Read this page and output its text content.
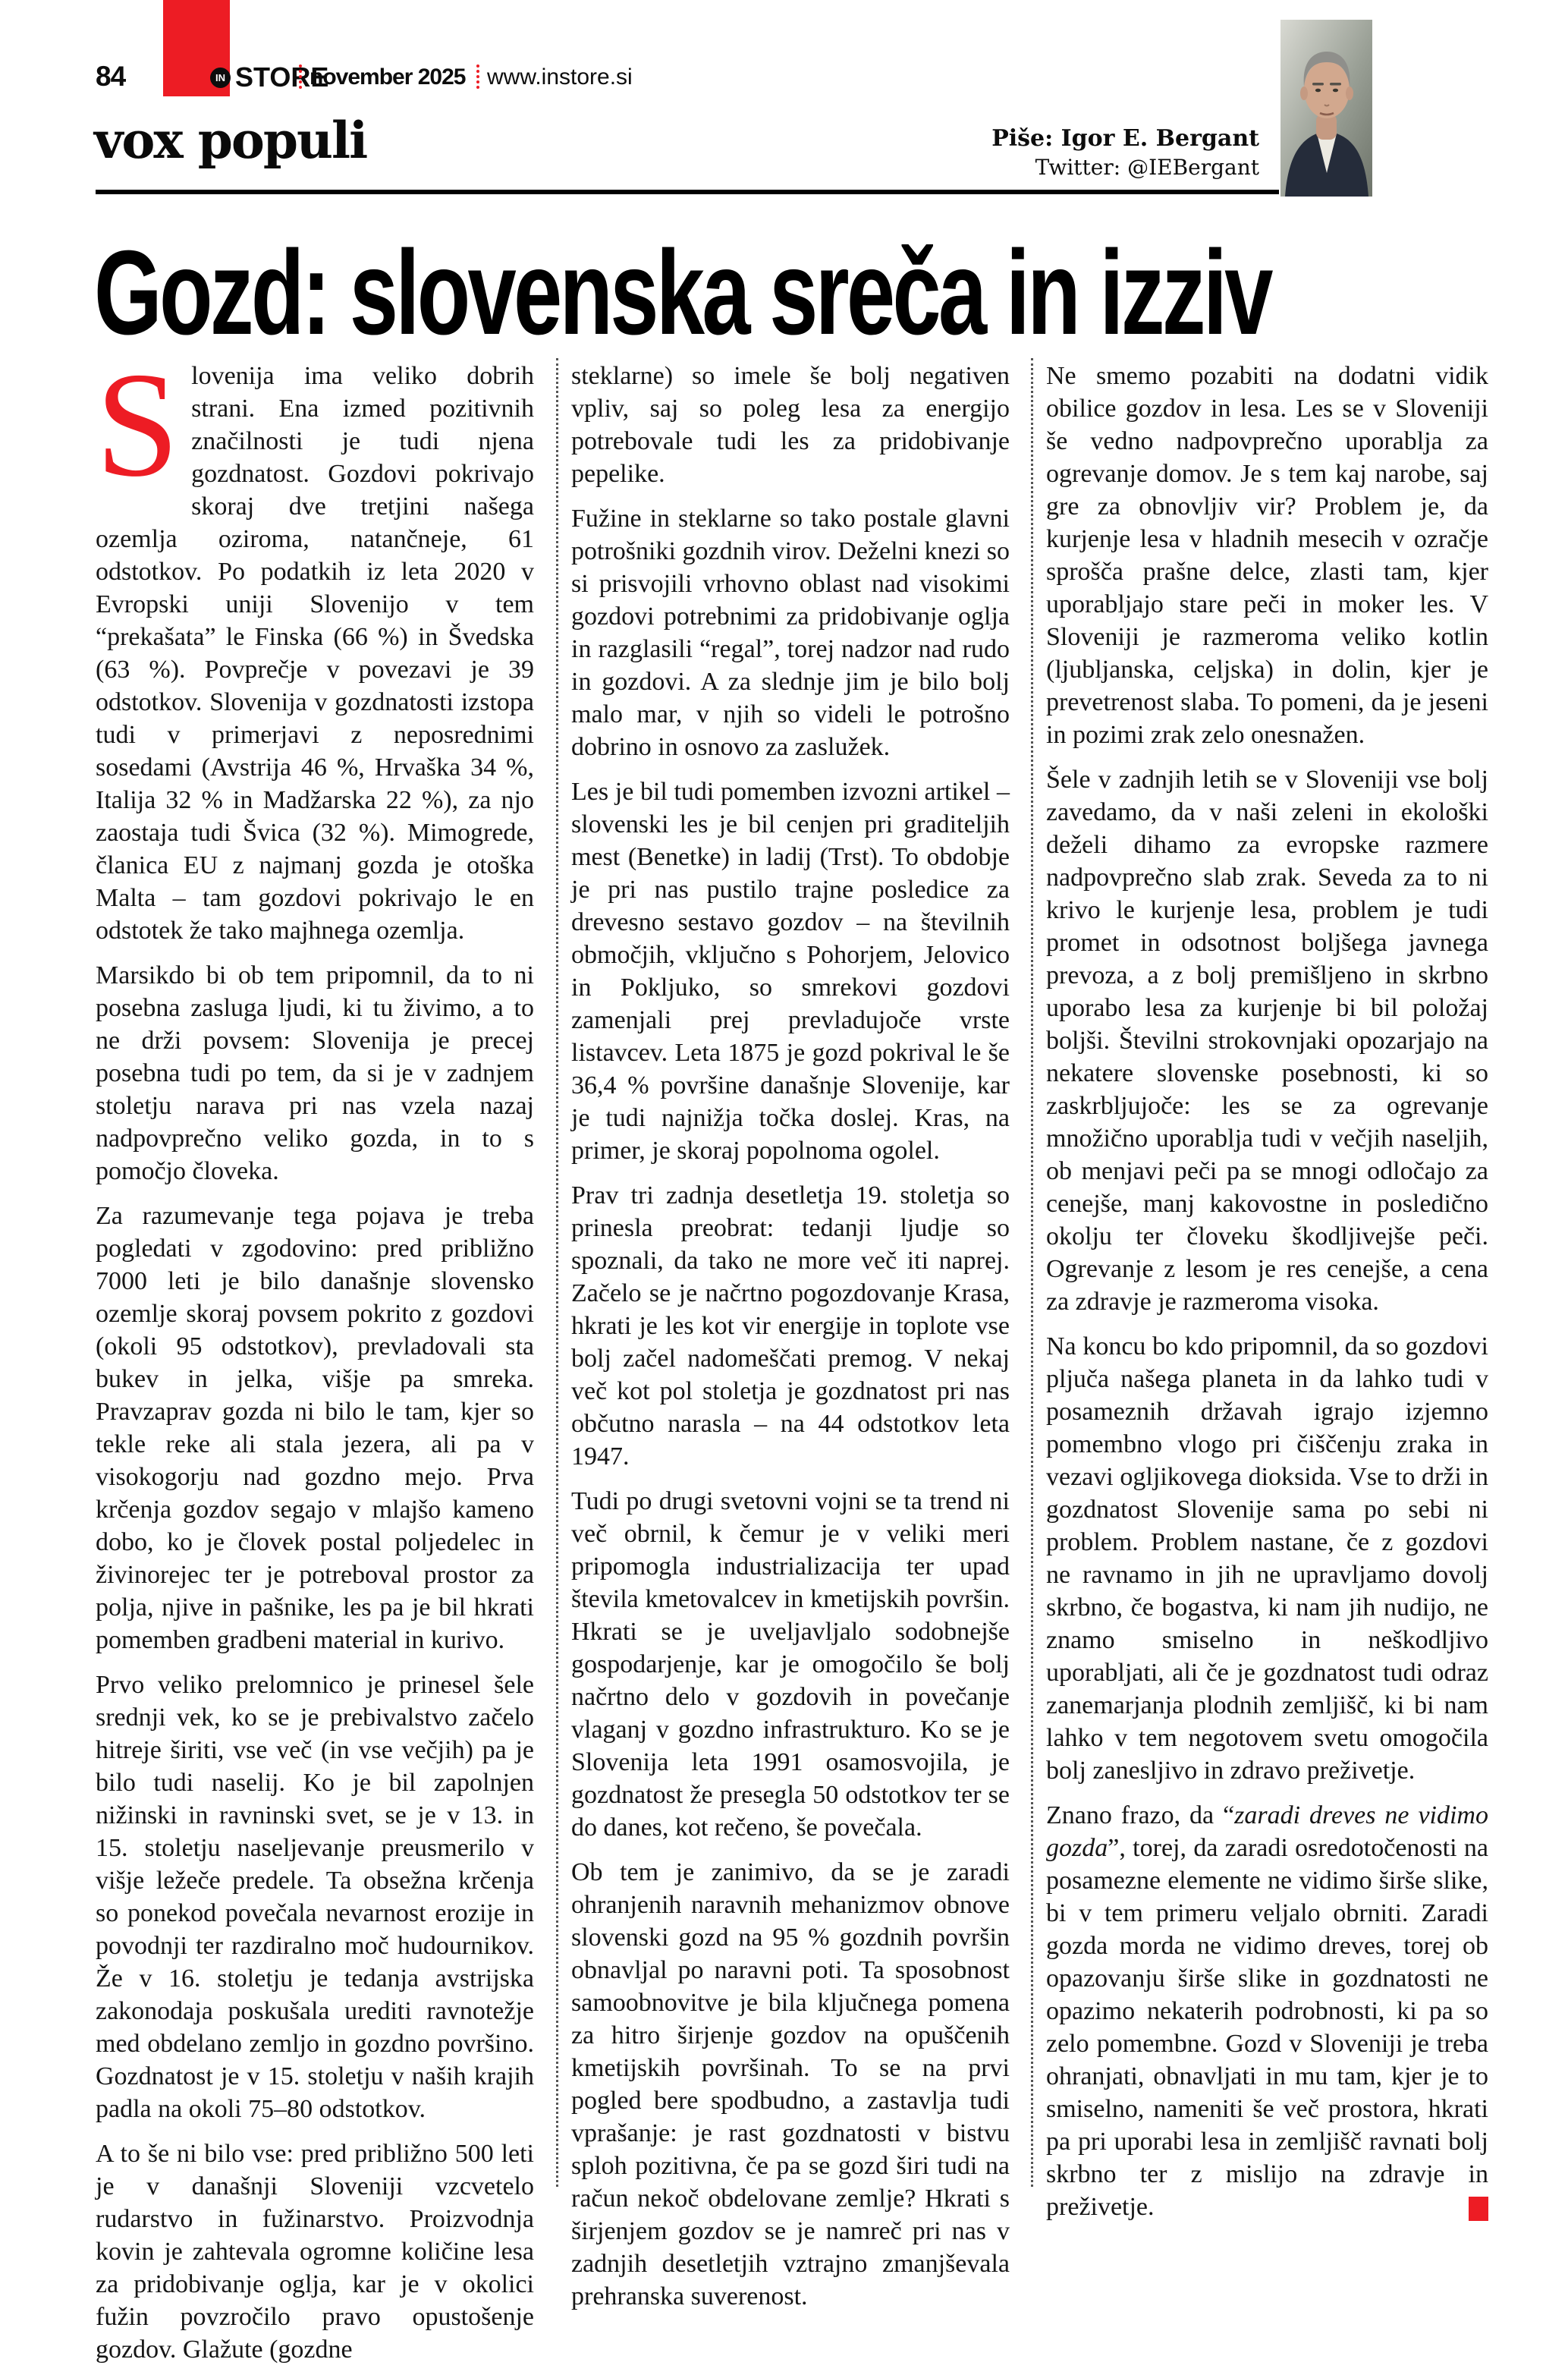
84	IN STORE
november 2025 www.instore.si
vox populi	Piše: Igor E. Bergant
Twitter: @IEBergant
Gozd: slovenska sreča in izziv

Slovenija ima veliko dobrih strani. Ena izmed pozitivnih značilnosti je tudi njena gozdnatost. Gozdovi pokrivajo skoraj dve tretjini našega ozemlja oziroma, natančneje, 61 odstotkov. Po podatkih iz leta 2020 v Evropski uniji Slovenijo v tem “prekašata” le Finska (66 %) in Švedska (63 %). Povprečje v povezavi je 39 odstotkov. Slovenija v gozdnatosti izstopa tudi v primerjavi z neposrednimi sosedami (Avstrija 46 %, Hrvaška 34 %, Italija 32 % in Madžarska 22 %), za njo zaostaja tudi Švica (32 %). Mimogrede, članica EU z najmanj gozda je otoška Malta – tam gozdovi pokrivajo le en odstotek že tako majhnega ozemlja.

Marsikdo bi ob tem pripomnil, da to ni posebna zasluga ljudi, ki tu živimo, a to ne drži povsem: Slovenija je precej posebna tudi po tem, da si je v zadnjem stoletju narava pri nas vzela nazaj nadpovprečno veliko gozda, in to s pomočjo človeka.

Za razumevanje tega pojava je treba pogledati v zgodovino: pred približno 7000 leti je bilo današnje slovensko ozemlje skoraj povsem pokrito z gozdovi (okoli 95 odstotkov), prevladovali sta bukev in jelka, višje pa smreka. Pravzaprav gozda ni bilo le tam, kjer so tekle reke ali stala jezera, ali pa v visokogorju nad gozdno mejo. Prva krčenja gozdov segajo v mlajšo kameno dobo, ko je človek postal poljedelec in živinorejec ter je potreboval prostor za polja, njive in pašnike, les pa je bil hkrati pomemben gradbeni material in kurivo.

Prvo veliko prelomnico je prinesel šele srednji vek, ko se je prebivalstvo začelo hitreje širiti, vse več (in vse večjih) pa je bilo tudi naselij. Ko je bil zapolnjen nižinski in ravninski svet, se je v 13. in 15. stoletju naseljevanje preusmerilo v višje ležeče predele. Ta obsežna krčenja so ponekod povečala nevarnost erozije in povodnji ter razdiralno moč hudournikov. Že v 16. stoletju je tedanja avstrijska zakonodaja poskušala urediti ravnotežje med obdelano zemljo in gozdno površino. Gozdnatost je v 15. stoletju v naših krajih padla na okoli 75–80 odstotkov.

A to še ni bilo vse: pred približno 500 leti je v današnji Sloveniji vzcvetelo rudarstvo in fužinarstvo. Proizvodnja kovin je zahtevala ogromne količine lesa za pridobivanje oglja, kar je v okolici fužin povzročilo pravo opustošenje gozdov. Glažute (gozdne

steklarne) so imele še bolj negativen vpliv, saj so poleg lesa za energijo potrebovale tudi les za pridobivanje pepelike.

Fužine in steklarne so tako postale glavni potrošniki gozdnih virov. Deželni knezi so si prisvojili vrhovno oblast nad visokimi gozdovi potrebnimi za pridobivanje oglja in razglasili “regal”, torej nadzor nad rudo in gozdovi. A za slednje jim je bilo bolj malo mar, v njih so videli le potrošno dobrino in osnovo za zaslužek.

Les je bil tudi pomemben izvozni artikel – slovenski les je bil cenjen pri graditeljih mest (Benetke) in ladij (Trst). To obdobje je pri nas pustilo trajne posledice za drevesno sestavo gozdov – na številnih območjih, vključno s Pohorjem, Jelovico in Pokljuko, so smrekovi gozdovi zamenjali prej prevladujoče vrste listavcev. Leta 1875 je gozd pokrival le še 36,4 % površine današnje Slovenije, kar je tudi najnižja točka doslej. Kras, na primer, je skoraj popolnoma ogolel.

Prav tri zadnja desetletja 19. stoletja so prinesla preobrat: tedanji ljudje so spoznali, da tako ne more več iti naprej. Začelo se je načrtno pogozdovanje Krasa, hkrati je les kot vir energije in toplote vse bolj začel nadomeščati premog. V nekaj več kot pol stoletja je gozdnatost pri nas občutno narasla – na 44 odstotkov leta 1947.

Tudi po drugi svetovni vojni se ta trend ni več obrnil, k čemur je v veliki meri pripomogla industrializacija ter upad števila kmetovalcev in kmetijskih površin. Hkrati se je uveljavljalo sodobnejše gospodarjenje, kar je omogočilo še bolj načrtno delo v gozdovih in povečanje vlaganj v gozdno infrastrukturo. Ko se je Slovenija leta 1991 osamosvojila, je gozdnatost že presegla 50 odstotkov ter se do danes, kot rečeno, še povečala.

Ob tem je zanimivo, da se je zaradi ohranjenih naravnih mehanizmov obnove slovenski gozd na 95 % gozdnih površin obnavljal po naravni poti. Ta sposobnost samoobnovitve je bila ključnega pomena za hitro širjenje gozdov na opuščenih kmetijskih površinah. To se na prvi pogled bere spodbudno, a zastavlja tudi vprašanje: je rast gozdnatosti v bistvu sploh pozitivna, če pa se gozd širi tudi na račun nekoč obdelovane zemlje? Hkrati s širjenjem gozdov se je namreč pri nas v zadnjih desetletjih vztrajno zmanjševala prehranska suverenost.

Ne smemo pozabiti na dodatni vidik obilice gozdov in lesa. Les se v Sloveniji še vedno nadpovprečno uporablja za ogrevanje domov. Je s tem kaj narobe, saj gre za obnovljiv vir? Problem je, da kurjenje lesa v hladnih mesecih v ozračje sprošča prašne delce, zlasti tam, kjer uporabljajo stare peči in moker les. V Sloveniji je razmeroma veliko kotlin (ljubljanska, celjska) in dolin, kjer je prevetrenost slaba. To pomeni, da je jeseni in pozimi zrak zelo onesnažen.

Šele v zadnjih letih se v Sloveniji vse bolj zavedamo, da v naši zeleni in ekološki deželi dihamo za evropske razmere nadpovprečno slab zrak. Seveda za to ni krivo le kurjenje lesa, problem je tudi promet in odsotnost boljšega javnega prevoza, a z bolj premišljeno in skrbno uporabo lesa za kurjenje bi bil položaj boljši. Številni strokovnjaki opozarjajo na nekatere slovenske posebnosti, ki so zaskrbljujoče: les se za ogrevanje množično uporablja tudi v večjih naseljih, ob menjavi peči pa se mnogi odločajo za cenejše, manj kakovostne in posledično okolju ter človeku škodljivejše peči. Ogrevanje z lesom je res cenejše, a cena za zdravje je razmeroma visoka.

Na koncu bo kdo pripomnil, da so gozdovi pljuča našega planeta in da lahko tudi v posameznih državah igrajo izjemno pomembno vlogo pri čiščenju zraka in vezavi ogljikovega dioksida. Vse to drži in gozdnatost Slovenije sama po sebi ni problem. Problem nastane, če z gozdovi ne ravnamo in jih ne upravljamo dovolj skrbno, če bogastva, ki nam jih nudijo, ne znamo smiselno in neškodljivo uporabljati, ali če je gozdnatost tudi odraz zanemarjanja plodnih zemljišč, ki bi nam lahko v tem negotovem svetu omogočila bolj zanesljivo in zdravo preživetje.

Znano frazo, da “zaradi dreves ne vidimo gozda”, torej, da zaradi osredotočenosti na posamezne elemente ne vidimo širše slike, bi v tem primeru veljalo obrniti. Zaradi gozda morda ne vidimo dreves, torej ob opazovanju širše slike in gozdnatosti ne opazimo nekaterih podrobnosti, ki pa so zelo pomembne. Gozd v Sloveniji je treba ohranjati, obnavljati in mu tam, kjer je to smiselno, nameniti še več prostora, hkrati pa pri uporabi lesa in zemljišč ravnati bolj skrbno ter z mislijo na zdravje in preživetje.
